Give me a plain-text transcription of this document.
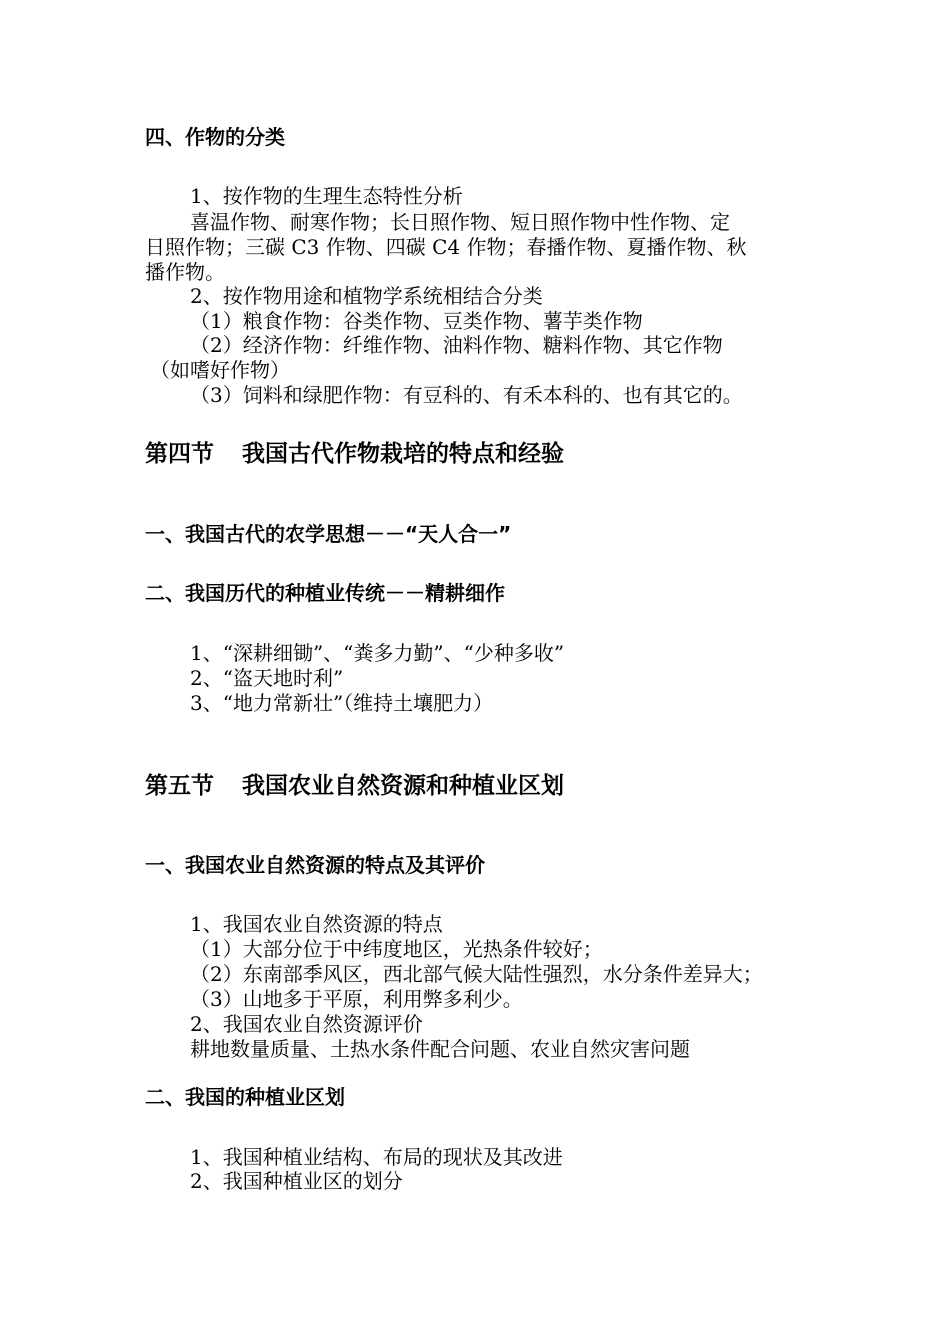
四、作物的分类
1、按作物的生理生态特性分析
喜温作物、耐寒作物；长日照作物、短日照作物中性作物、定
日照作物；三碳 C3 作物、四碳 C4 作物；春播作物、夏播作物、秋
播作物。
2、按作物用途和植物学系统相结合分类
（1）粮食作物：谷类作物、豆类作物、薯芋类作物
（2）经济作物：纤维作物、油料作物、糖料作物、其它作物
（如嗜好作物）
（3）饲料和绿肥作物：有豆科的、有禾本科的、也有其它的。
第四节 我国古代作物栽培的特点和经验
一、我国古代的农学思想－－“天人合一”
二、我国历代的种植业传统－－精耕细作
1、“深耕细锄”、“粪多力勤”、“少种多收”
2、“盗天地时利”
3、“地力常新壮”（维持土壤肥力）
第五节 我国农业自然资源和种植业区划
一、我国农业自然资源的特点及其评价
1、我国农业自然资源的特点
（1）大部分位于中纬度地区，光热条件较好；
（2）东南部季风区，西北部气候大陆性强烈，水分条件差异大；
（3）山地多于平原，利用弊多利少。
2、我国农业自然资源评价
耕地数量质量、土热水条件配合问题、农业自然灾害问题
二、我国的种植业区划
1、我国种植业结构、布局的现状及其改进
2、我国种植业区的划分
